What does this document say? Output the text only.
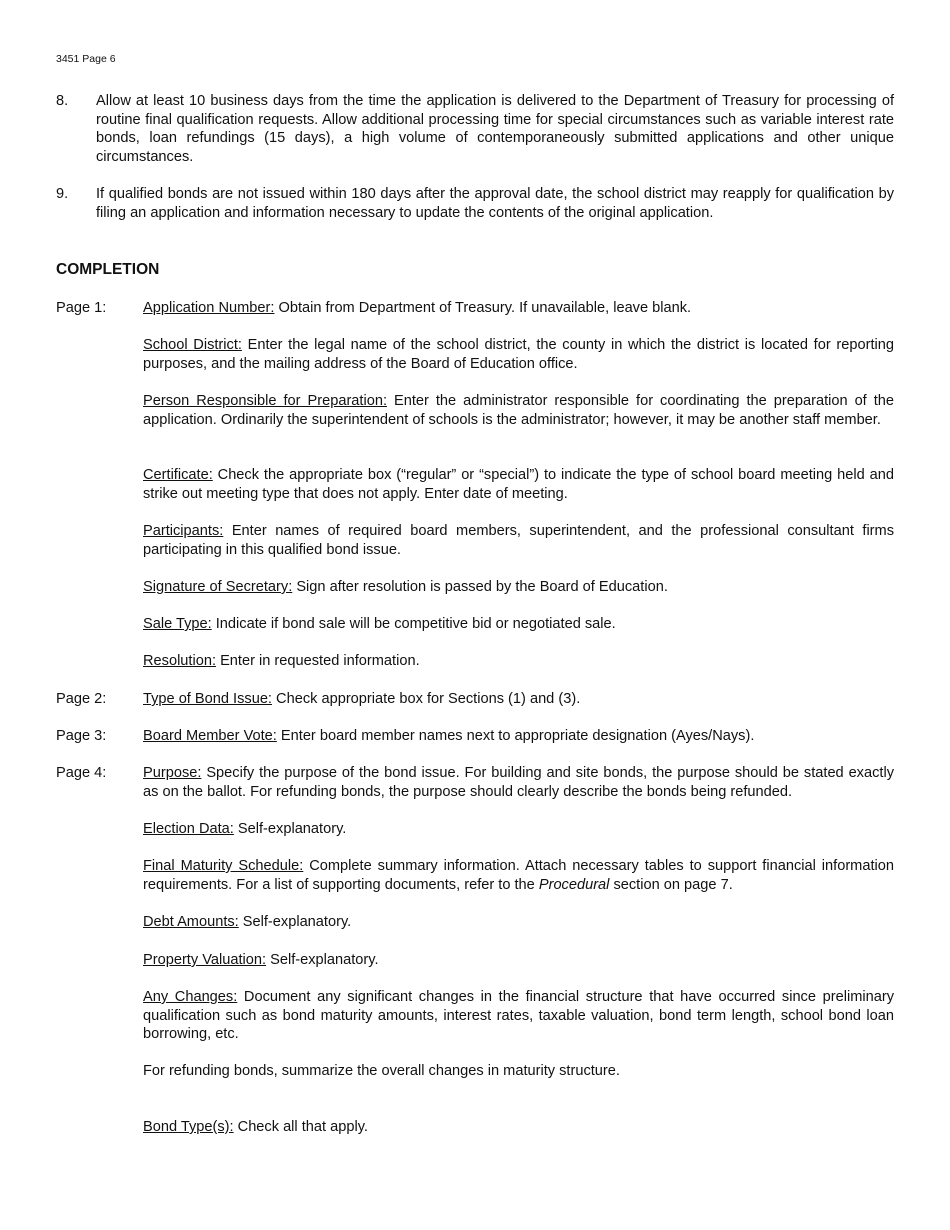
3451 Page 6
8. Allow at least 10 business days from the time the application is delivered to the Department of Treasury for processing of routine final qualification requests. Allow additional processing time for special circumstances such as variable interest rate bonds, loan refundings (15 days), a high volume of contemporaneously submitted applications and other unique circumstances.
9. If qualified bonds are not issued within 180 days after the approval date, the school district may reapply for qualification by filing an application and information necessary to update the contents of the original application.
COMPLETION
Page 1:
Page 2:
Page 3:
Page 4:
Application Number: Obtain from Department of Treasury. If unavailable, leave blank.
School District: Enter the legal name of the school district, the county in which the district is located for reporting purposes, and the mailing address of the Board of Education office.
Person Responsible for Preparation: Enter the administrator responsible for coordinating the preparation of the application. Ordinarily the superintendent of schools is the administrator; however, it may be another staff member.
Certificate: Check the appropriate box (“regular” or “special”) to indicate the type of school board meeting held and strike out meeting type that does not apply. Enter date of meeting.
Participants: Enter names of required board members, superintendent, and the professional consultant firms participating in this qualified bond issue.
Signature of Secretary: Sign after resolution is passed by the Board of Education.
Sale Type: Indicate if bond sale will be competitive bid or negotiated sale.
Resolution: Enter in requested information.
Type of Bond Issue: Check appropriate box for Sections (1) and (3).
Board Member Vote: Enter board member names next to appropriate designation (Ayes/Nays).
Purpose: Specify the purpose of the bond issue. For building and site bonds, the purpose should be stated exactly as on the ballot. For refunding bonds, the purpose should clearly describe the bonds being refunded.
Election Data: Self-explanatory.
Final Maturity Schedule: Complete summary information. Attach necessary tables to support financial information requirements. For a list of supporting documents, refer to the Procedural section on page 7.
Debt Amounts: Self-explanatory.
Property Valuation: Self-explanatory.
Any Changes: Document any significant changes in the financial structure that have occurred since preliminary qualification such as bond maturity amounts, interest rates, taxable valuation, bond term length, school bond loan borrowing, etc.
For refunding bonds, summarize the overall changes in maturity structure.
Bond Type(s): Check all that apply.
